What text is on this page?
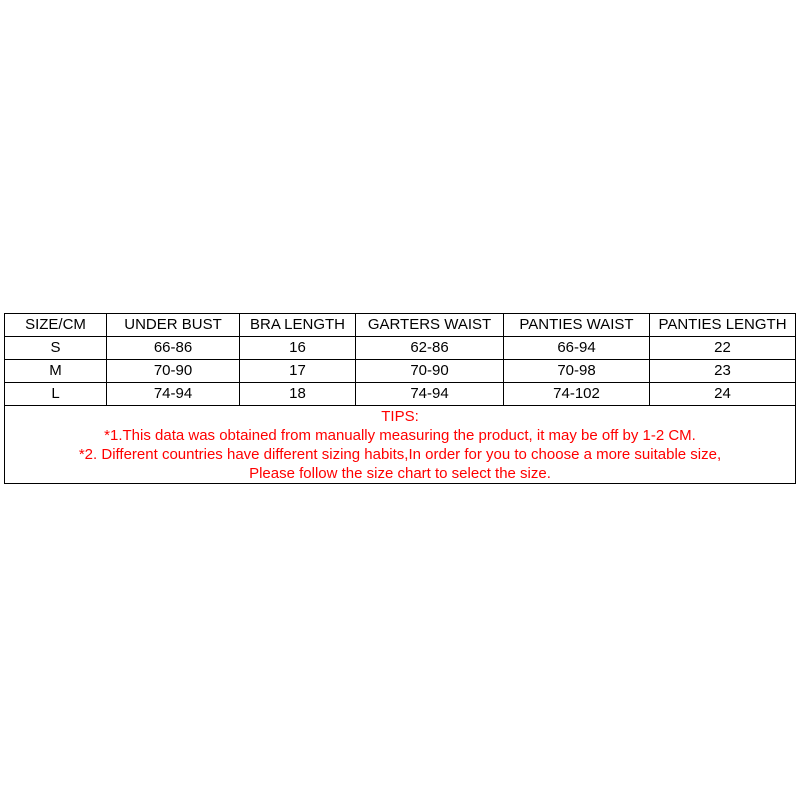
SIZE/CM	UNDER BUST	BRA LENGTH	GARTERS WAIST	PANTIES WAIST	PANTIES LENGTH
S	66-86	16	62-86	66-94	22
M	70-90	17	70-90	70-98	23
L	74-94	18	74-94	74-102	24

TIPS:
*1.This data was obtained from manually measuring the product, it may be off by 1-2 CM.
*2. Different countries have different sizing habits,In order for you to choose a more suitable size,
Please follow the size chart to select the size.					
